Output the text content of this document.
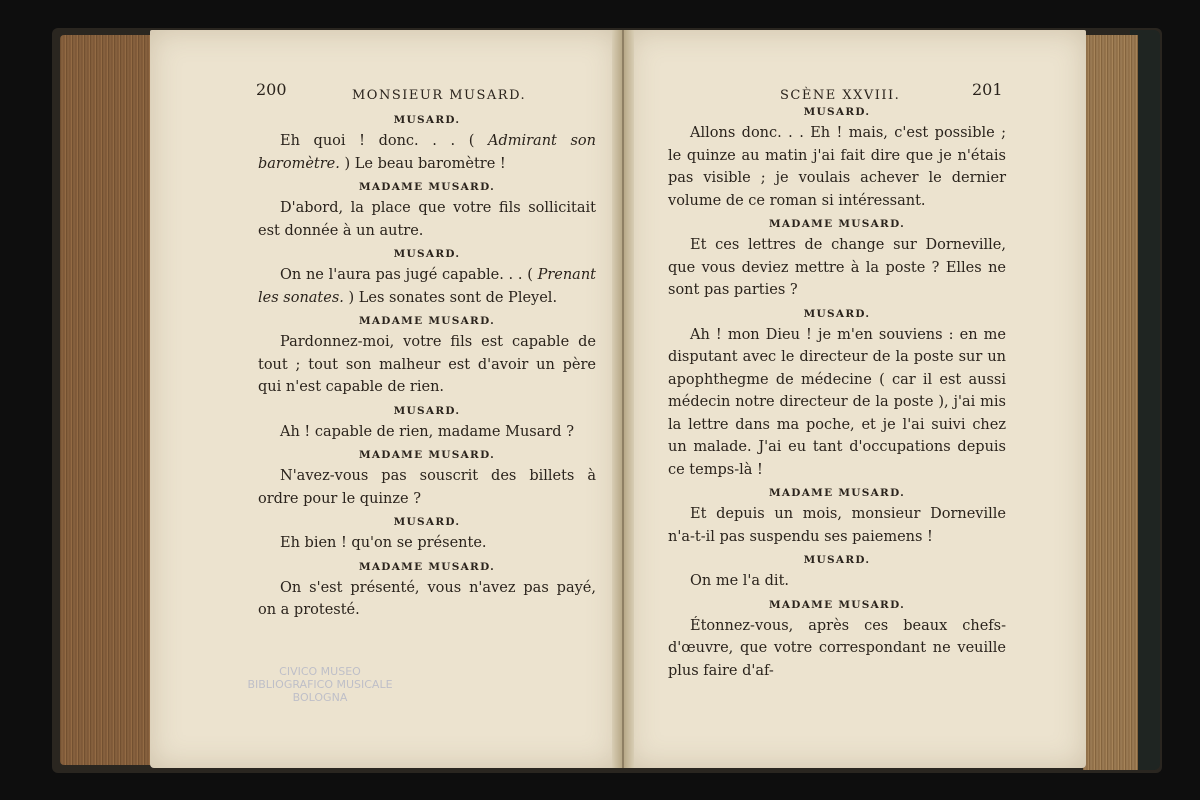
200	MONSIEUR MUSARD.	SCÈNE XXVIII.	201
MUSARD.

Eh quoi ! donc. . . ( Admirant son baromètre. ) Le beau baromètre !

MADAME MUSARD.

D'abord, la place que votre fils sollicitait est donnée à un autre.

MUSARD.

On ne l'aura pas jugé capable. . . ( Prenant les sonates. ) Les sonates sont de Pleyel.

MADAME MUSARD.

Pardonnez-moi, votre fils est capable de tout ; tout son malheur est d'avoir un père qui n'est capable de rien.

MUSARD.

Ah ! capable de rien, madame Musard ?

MADAME MUSARD.

N'avez-vous pas souscrit des billets à ordre pour le quinze ?

MUSARD.

Eh bien ! qu'on se présente.

MADAME MUSARD.

On s'est présenté, vous n'avez pas payé, on a protesté.

MUSARD.

Allons donc. . . Eh ! mais, c'est possible ; le quinze au matin j'ai fait dire que je n'étais pas visible ; je voulais achever le dernier volume de ce roman si intéressant.

MADAME MUSARD.

Et ces lettres de change sur Dorneville, que vous deviez mettre à la poste ? Elles ne sont pas parties ?

MUSARD.

Ah ! mon Dieu ! je m'en souviens : en me disputant avec le directeur de la poste sur un apophthegme de médecine ( car il est aussi médecin notre directeur de la poste ), j'ai mis la lettre dans ma poche, et je l'ai suivi chez un malade. J'ai eu tant d'occupations depuis ce temps-là !

MADAME MUSARD.

Et depuis un mois, monsieur Dorneville n'a-t-il pas suspendu ses paiemens !

MUSARD.

On me l'a dit.

MADAME MUSARD.

Étonnez-vous, après ces beaux chefs-d'œuvre, que votre correspondant ne veuille plus faire d'af-

CIVICO MUSEO
BIBLIOGRAFICO MUSICALE
BOLOGNA
